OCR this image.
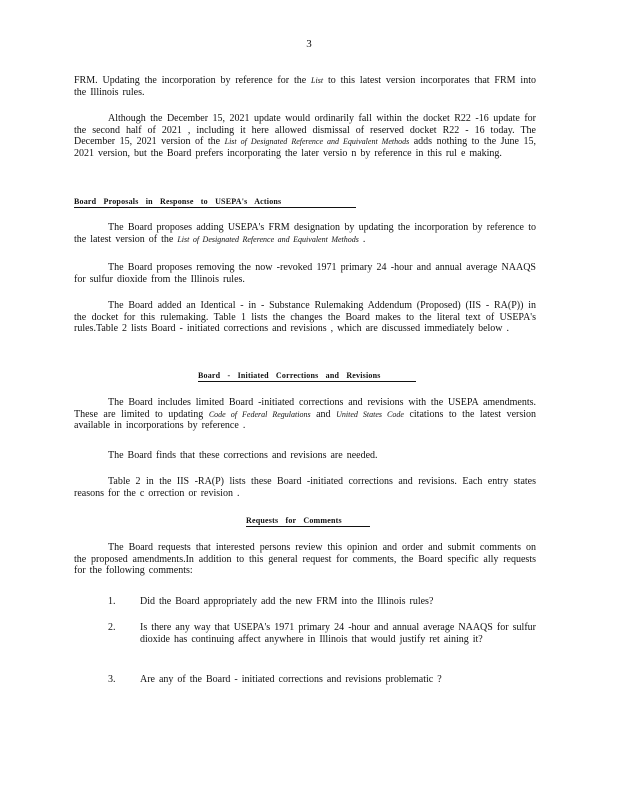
3
FRM. Updating the incorporation by reference for the List to this latest version incorporates that FRM into the Illinois rules.
Although the December 15, 2021 update would ordinarily fall within the docket R22 -16 update for the second half of 2021 , including it here allowed dismissal of reserved docket R22 - 16 today. The December 15, 2021 version of the List of Designated Reference and Equivalent Methods adds nothing to the June 15, 2021 version, but the Board prefers incorporating the later versio n by reference in this rul e making.
Board Proposals in Response to USEPA's Actions
The Board proposes adding USEPA's FRM designation by updating the incorporation by reference to the latest version of the List of Designated Reference and Equivalent Methods .
The Board proposes removing the now -revoked 1971 primary 24 -hour and annual average NAAQS for sulfur dioxide from the Illinois rules.
The Board added an Identical - in - Substance Rulemaking Addendum (Proposed) (IIS - RA(P)) in the docket for this rulemaking. Table 1 lists the changes the Board makes to the literal text of USEPA's rules.Table 2 lists Board - initiated corrections and revisions , which are discussed immediately below .
Board - Initiated Corrections and Revisions
The Board includes limited Board -initiated corrections and revisions with the USEPA amendments. These are limited to updating Code of Federal Regulations and United States Code citations to the latest version available in incorporations by reference .
The Board finds that these corrections and revisions are needed.
Table 2 in the IIS -RA(P) lists these Board -initiated corrections and revisions. Each entry states reasons for the c orrection or revision .
Requests for Comments
The Board requests that interested persons review this opinion and order and submit comments on the proposed amendments.In addition to this general request for comments, the Board specific ally requests for the following comments:
1. Did the Board appropriately add the new FRM into the Illinois rules?
2. Is there any way that USEPA's 1971 primary 24 -hour and annual average NAAQS for sulfur dioxide has continuing affect anywhere in Illinois that would justify ret aining it?
3. Are any of the Board - initiated corrections and revisions problematic ?
